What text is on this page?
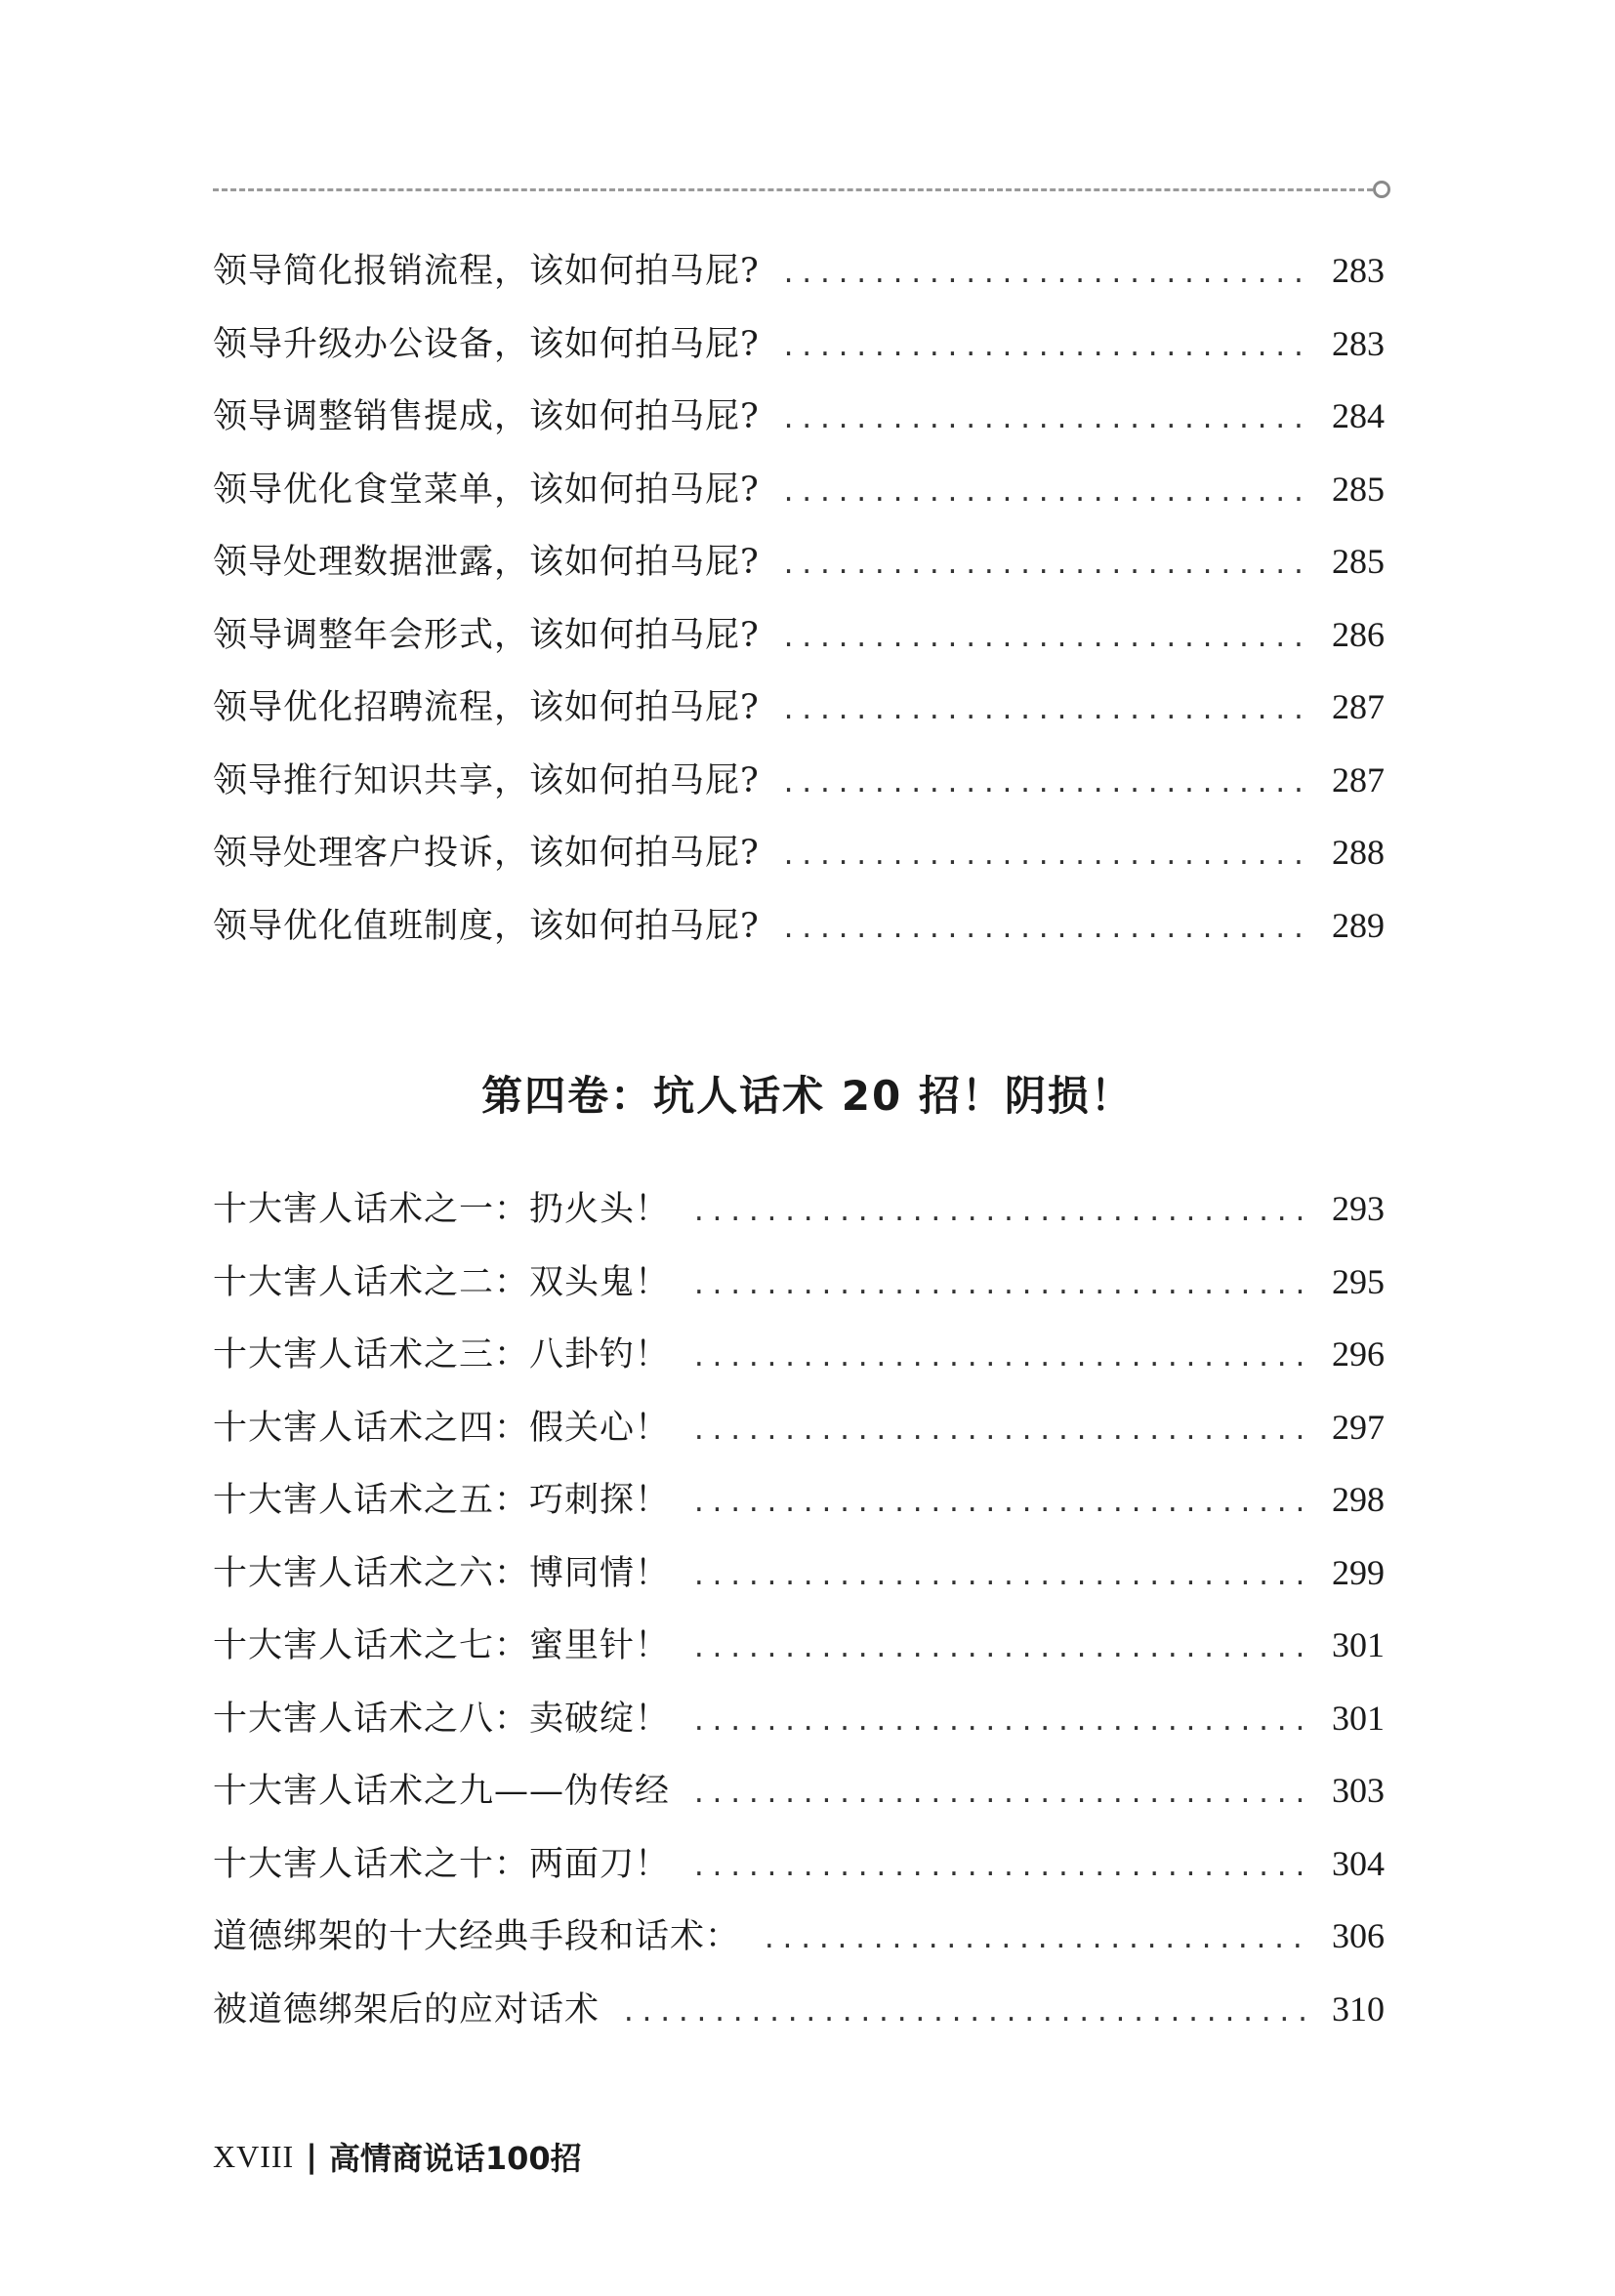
领导简化报销流程，该如何拍马屁? .....	283
领导升级办公设备，该如何拍马屁? .....	283
领导调整销售提成，该如何拍马屁? .....	284
领导优化食堂菜单，该如何拍马屁? .....	285
领导处理数据泄露，该如何拍马屁? .....	285
领导调整年会形式，该如何拍马屁? .....	286
领导优化招聘流程，该如何拍马屁? .....	287
领导推行知识共享，该如何拍马屁? .....	287
领导处理客户投诉，该如何拍马屁? .....	288
领导优化值班制度，该如何拍马屁? .....	289
第四卷：坑人话术 20 招！阴损！
十大害人话术之一：扔火头！ .....	293
十大害人话术之二：双头鬼！ .....	295
十大害人话术之三：八卦钓！ .....	296
十大害人话术之四：假关心！ .....	297
十大害人话术之五：巧刺探！ .....	298
十大害人话术之六：博同情！ .....	299
十大害人话术之七：蜜里针！ .....	301
十大害人话术之八：卖破绽！ .....	301
十大害人话术之九——伪传经 .....	303
十大害人话术之十：两面刀！ .....	304
道德绑架的十大经典手段和话术： .....	306
被道德绑架后的应对话术 .....	310
XVIII | 高情商说话100招
